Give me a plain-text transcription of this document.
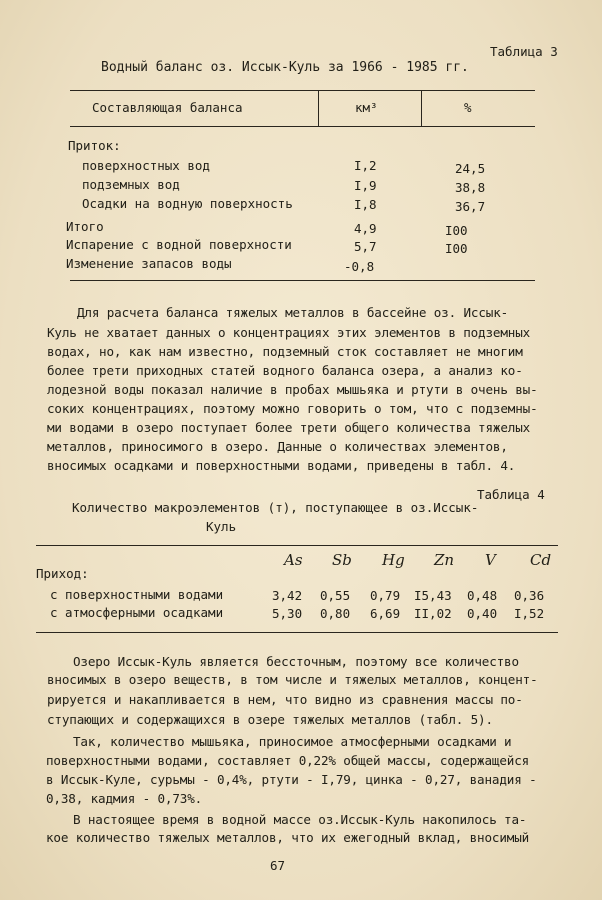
Таблица 3
Водный баланс оз. Иссык-Куль за 1966 - 1985 гг.
Составляющая баланса	км³	%
Приток:
поверхностных вод	I,2	24,5
подземных вод	I,9	38,8
Осадки на водную поверхность	I,8	36,7
Итого	4,9	I00
Испарение с водной поверхности	5,7	I00
Изменение запасов воды	-0,8
Для расчета баланса тяжелых металлов в бассейне оз. Иссык-
Куль не хватает данных о концентрациях этих элементов в подземных
водах, но, как нам известно, подземный сток составляет не многим
более трети приходных статей водного баланса озера, а анализ ко-
лодезной воды показал наличие в пробах мышьяка и ртути в очень вы-
соких концентрациях, поэтому можно говорить о том, что с подземны-
ми водами в озеро поступает более трети общего количества тяжелых
металлов, приносимого в озеро. Данные о количествах элементов,
вносимых осадками и поверхностными водами, приведены в табл. 4.
Таблица 4
Количество макроэлементов (т), поступающее в оз.Иссык-
Куль
As Sb Hg Zn V Cd
Приход:
с поверхностными водами	3,42 0,55 0,79 I5,43 0,48 0,36
с атмосферными осадками	5,30 0,80 6,69 II,02 0,40 I,52
Озеро Иссык-Куль является бессточным, поэтому все количество
вносимых в озеро веществ, в том числе и тяжелых металлов, концент-
рируется и накапливается в нем, что видно из сравнения массы по-
ступающих и содержащихся в озере тяжелых металлов (табл. 5).
Так, количество мышьяка, приносимое атмосферными осадками и
поверхностными водами, составляет 0,22% общей массы, содержащейся
в Иссык-Куле, сурьмы - 0,4%, ртути - I,79, цинка - 0,27, ванадия -
0,38, кадмия - 0,73%.
В настоящее время в водной массе оз.Иссык-Куль накопилось та-
кое количество тяжелых металлов, что их ежегодный вклад, вносимый
67
